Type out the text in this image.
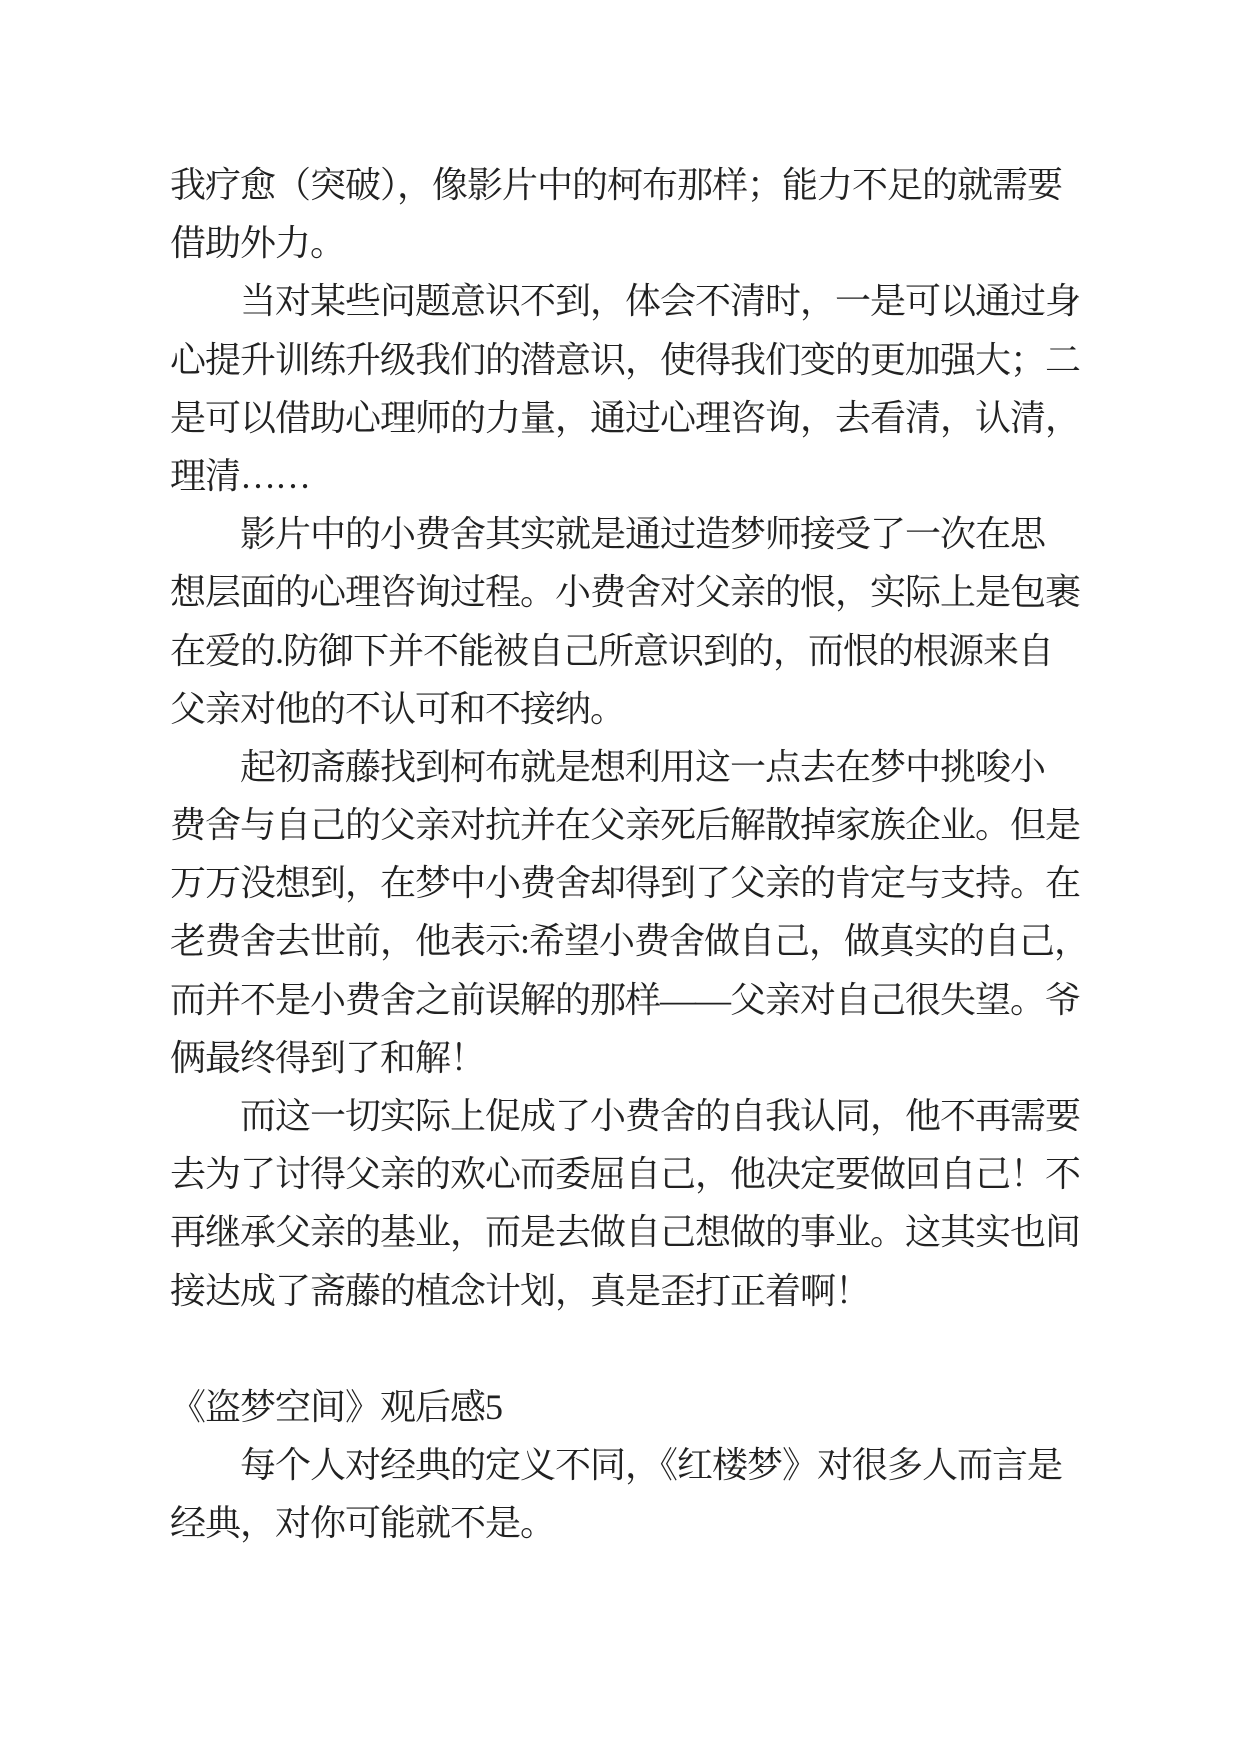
我疗愈（突破），像影片中的柯布那样；能力不足的就需要
借助外力。
当对某些问题意识不到，体会不清时，一是可以通过身
心提升训练升级我们的潜意识，使得我们变的更加强大；二
是可以借助心理师的力量，通过心理咨询，去看清，认清，
理清……
影片中的小费舍其实就是通过造梦师接受了一次在思
想层面的心理咨询过程。小费舍对父亲的恨，实际上是包裹
在爱的.防御下并不能被自己所意识到的，而恨的根源来自
父亲对他的不认可和不接纳。
起初斋藤找到柯布就是想利用这一点去在梦中挑唆小
费舍与自己的父亲对抗并在父亲死后解散掉家族企业。但是
万万没想到，在梦中小费舍却得到了父亲的肯定与支持。在
老费舍去世前，他表示:希望小费舍做自己，做真实的自己，
而并不是小费舍之前误解的那样——父亲对自己很失望。爷
俩最终得到了和解！
而这一切实际上促成了小费舍的自我认同，他不再需要
去为了讨得父亲的欢心而委屈自己，他决定要做回自己！不
再继承父亲的基业，而是去做自己想做的事业。这其实也间
接达成了斋藤的植念计划，真是歪打正着啊！
《盗梦空间》观后感5
每个人对经典的定义不同，《红楼梦》对很多人而言是
经典，对你可能就不是。
